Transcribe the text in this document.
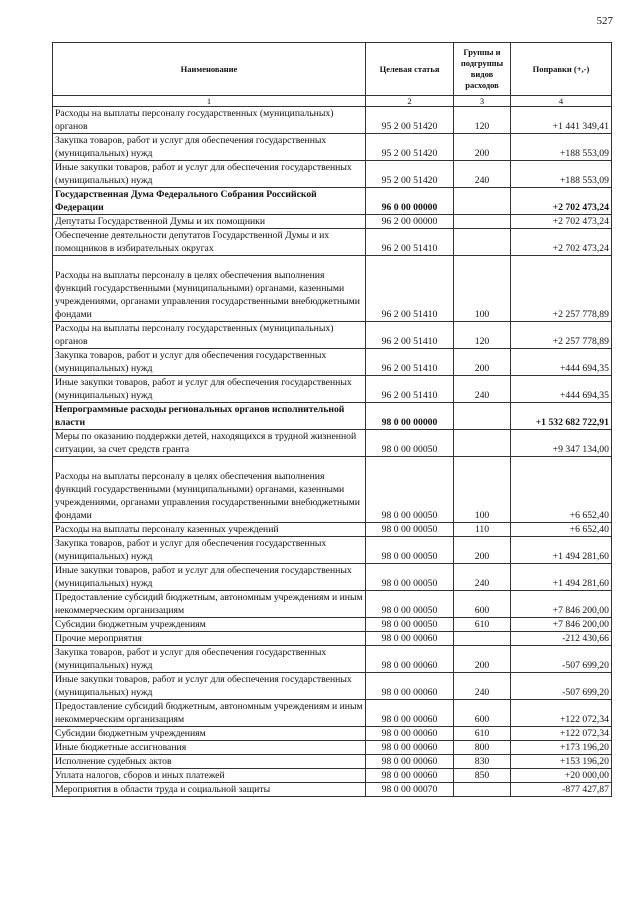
527
Наименование	Целевая статья	Группы и подгруппы видов расходов	Поправки (+,-)
1	2	3	4
Расходы на выплаты персоналу государственных (муниципальных) органов	95 2 00 51420	120	+1 441 349,41
Закупка товаров, работ и услуг для обеспечения государственных (муниципальных) нужд	95 2 00 51420	200	+188 553,09
Иные закупки товаров, работ и услуг для обеспечения государственных (муниципальных) нужд	95 2 00 51420	240	+188 553,09
Государственная Дума Федерального Собрания Российской Федерации	96 0 00 00000		+2 702 473,24
Депутаты Государственной Думы и их помощники	96 2 00 00000		+2 702 473,24
Обеспечение деятельности депутатов Государственной Думы и их помощников в избирательных округах	96 2 00 51410		+2 702 473,24
Расходы на выплаты персоналу в целях обеспечения выполнения функций государственными (муниципальными) органами, казенными учреждениями, органами управления государственными внебюджетными фондами	96 2 00 51410	100	+2 257 778,89
Расходы на выплаты персоналу государственных (муниципальных) органов	96 2 00 51410	120	+2 257 778,89
Закупка товаров, работ и услуг для обеспечения государственных (муниципальных) нужд	96 2 00 51410	200	+444 694,35
Иные закупки товаров, работ и услуг для обеспечения государственных (муниципальных) нужд	96 2 00 51410	240	+444 694,35
Непрограммные расходы региональных органов исполнительной власти	98 0 00 00000		+1 532 682 722,91
Меры по оказанию поддержки детей, находящихся в трудной жизненной ситуации, за счет средств гранта	98 0 00 00050		+9 347 134,00
Расходы на выплаты персоналу в целях обеспечения выполнения функций государственными (муниципальными) органами, казенными учреждениями, органами управления государственными внебюджетными фондами	98 0 00 00050	100	+6 652,40
Расходы на выплаты персоналу казенных учреждений	98 0 00 00050	110	+6 652,40
Закупка товаров, работ и услуг для обеспечения государственных (муниципальных) нужд	98 0 00 00050	200	+1 494 281,60
Иные закупки товаров, работ и услуг для обеспечения государственных (муниципальных) нужд	98 0 00 00050	240	+1 494 281,60
Предоставление субсидий бюджетным, автономным учреждениям и иным некоммерческим организациям	98 0 00 00050	600	+7 846 200,00
Субсидии бюджетным учреждениям	98 0 00 00050	610	+7 846 200,00
Прочие мероприятия	98 0 00 00060		-212 430,66
Закупка товаров, работ и услуг для обеспечения государственных (муниципальных) нужд	98 0 00 00060	200	-507 699,20
Иные закупки товаров, работ и услуг для обеспечения государственных (муниципальных) нужд	98 0 00 00060	240	-507 699,20
Предоставление субсидий бюджетным, автономным учреждениям и иным некоммерческим организациям	98 0 00 00060	600	+122 072,34
Субсидии бюджетным учреждениям	98 0 00 00060	610	+122 072,34
Иные бюджетные ассигнования	98 0 00 00060	800	+173 196,20
Исполнение судебных актов	98 0 00 00060	830	+153 196,20
Уплата налогов, сборов и иных платежей	98 0 00 00060	850	+20 000,00
Мероприятия в области труда и социальной защиты	98 0 00 00070		-877 427,87
